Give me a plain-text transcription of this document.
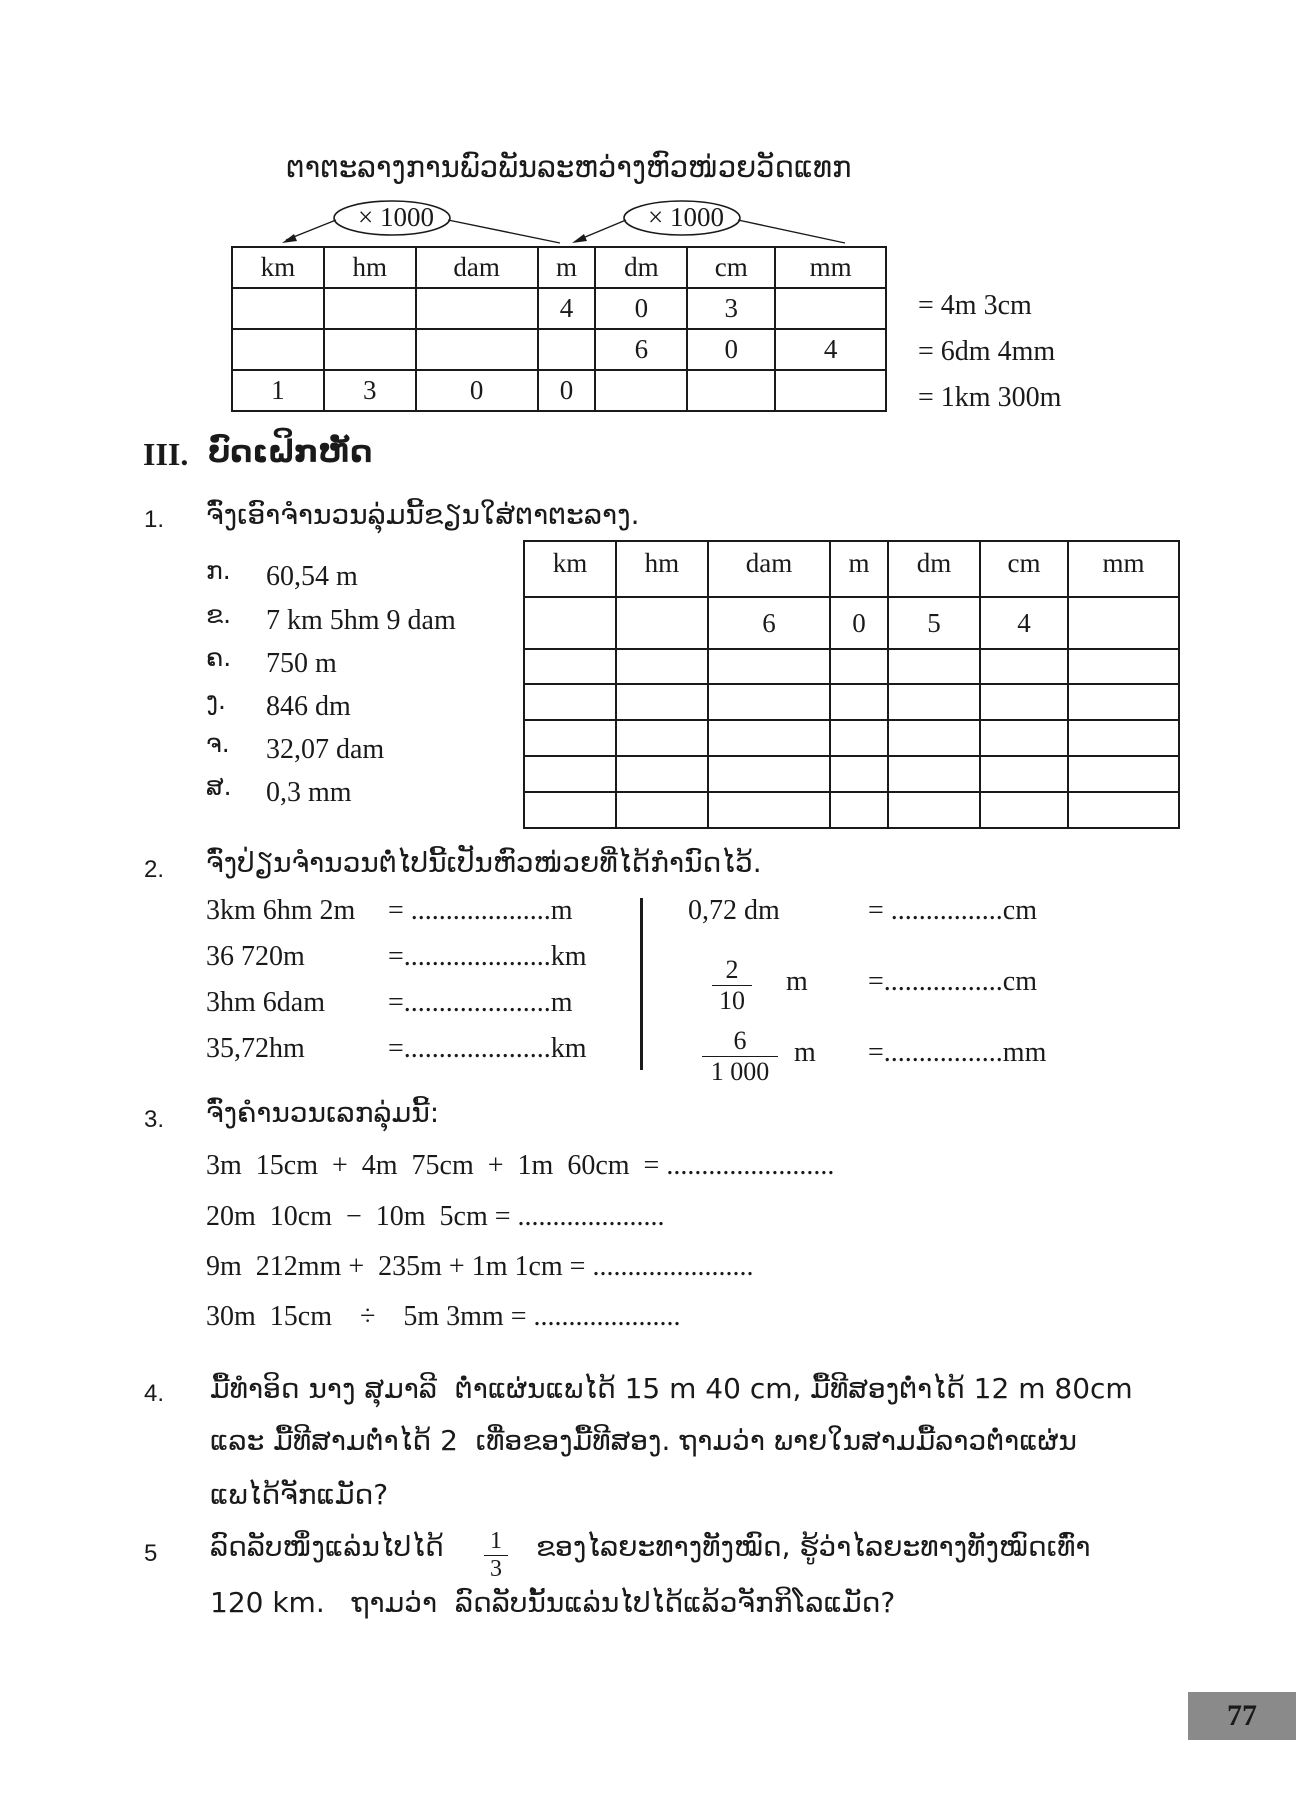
ຕາຕະລາງການພົວພັນລະຫວ່າງຫົວໜ່ວຍວັດແທກ
× 1000	× 1000
km	hm	dam	m	dm	cm	mm
			4	0	3	
				6	0	4
1	3	0	0			
= 4m 3cm
= 6dm 4mm
= 1km 300m
III. ບົດເຝິກຫັດ
1. ຈົ່ງເອົາຈຳນວນລຸ່ມນີ້ຂຽນໃສ່ຕາຕະລາງ.
ກ. 60,54 m
ຂ. 7 km 5hm 9 dam
ຄ. 750 m
ງ. 846 dm
ຈ. 32,07 dam
ສ. 0,3 mm
km	hm	dam	m	dm	cm	mm
		6	0	5	4	

2. ຈົ່ງປ່ຽນຈຳນວນຕໍ່ໄປນີ້ເປັນຫົວໜ່ວຍທີ່ໄດ້ກຳນົດໄວ້.
3km 6hm 2m = ....................m
36 720m	=.....................km
3hm 6dam =.....................m
35,72hm	=.....................km
0,72 dm	= ................cm
$\frac{2}{10}$ m =.................cm
$\frac{6}{1 000}$ m =.................mm
3. ຈົ່ງຄຳນວນເລກລຸ່ມນີ້:
3m  15cm  +  4m  75cm  +  1m  60cm  = ........................
20m  10cm  −  10m  5cm = .....................
9m  212mm +  235m + 1m 1cm = .......................
30m  15cm    ÷    5m 3mm = .....................
4. ມື້ທຳອິດ ນາງ ສຸມາລີ  ຕ່ຳແຜ່ນແພໄດ້ 15 m 40 cm, ມື້ທີສອງຕ່ຳໄດ້ 12 m 80cm
ແລະ ມື້ທີສາມຕ່ຳໄດ້ 2  ເທື່ອຂອງມື້ທີສອງ. ຖາມວ່າ ພາຍໃນສາມມື້ລາວຕ່ຳແຜ່ນ
ແພໄດ້ຈັກແມັດ?
5 ລົດລັບໜຶ່ງແລ່ນໄປໄດ້ $\frac{1}{3}$ ຂອງໄລຍະທາງທັງໝົດ, ຮູ້ວ່າໄລຍະທາງທັງໝົດເທົ່າ
120 km.   ຖາມວ່າ  ລົດລັບນັ້ນແລ່ນໄປໄດ້ແລ້ວຈັກກິໂລແມັດ?
77
